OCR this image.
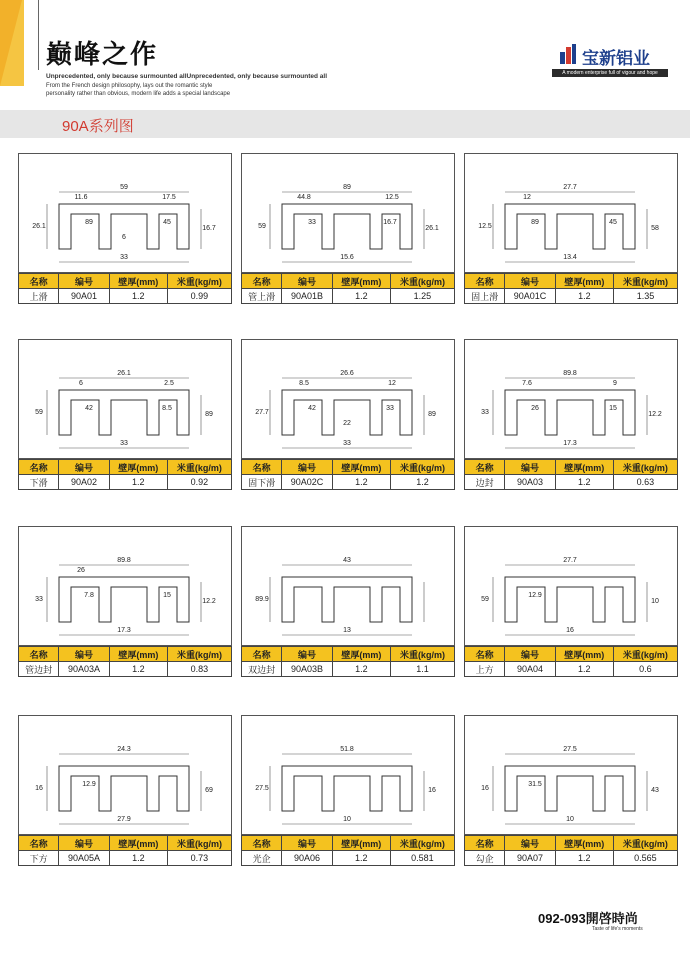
巅峰之作
Unprecedented, only because surmounted allUnprecedented, only because surmounted all
From the French design philosophy, lays out the romantic style
personality rather than obvious, modern life adds a special landscape
宝新铝业
A modern enterprise full of vigour and hope
90A系列图
59
33
26.1	16.7
89	45
11.6	17.5
6
名称	编号	壁厚(mm)	米重(kg/m)
上滑	90A01	1.2	0.99
89
15.6
59	26.1
33	16.7
44.8	12.5
名称	编号	壁厚(mm)	米重(kg/m)
管上滑	90A01B	1.2	1.25
27.7
13.4
12.5	58
89	45
12
名称	编号	壁厚(mm)	米重(kg/m)
固上滑	90A01C	1.2	1.35
26.1
33
59	89
42	8.5
6	2.5
名称	编号	壁厚(mm)	米重(kg/m)
下滑	90A02	1.2	0.92
26.6
33
27.7	89
42	33
8.5	12
22
名称	编号	壁厚(mm)	米重(kg/m)
固下滑	90A02C	1.2	1.2
89.8
17.3
33	12.2
26	15
7.6	9
名称	编号	壁厚(mm)	米重(kg/m)
边封	90A03	1.2	0.63
89.8
17.3
33	12.2
7.8	15
26
名称	编号	壁厚(mm)	米重(kg/m)
管边封	90A03A	1.2	0.83
43
13
89.9
名称	编号	壁厚(mm)	米重(kg/m)
双边封	90A03B	1.2	1.1
27.7
16
59	10
12.9
名称	编号	壁厚(mm)	米重(kg/m)
上方	90A04	1.2	0.6
24.3
27.9
16	69
12.9
名称	编号	壁厚(mm)	米重(kg/m)
下方	90A05A	1.2	0.73
51.8
10
27.5	16
名称	编号	壁厚(mm)	米重(kg/m)
光企	90A06	1.2	0.581
27.5
10
16	43
31.5
名称	编号	壁厚(mm)	米重(kg/m)
勾企	90A07	1.2	0.565
092-093開啓時尚
Taste of life's moments
